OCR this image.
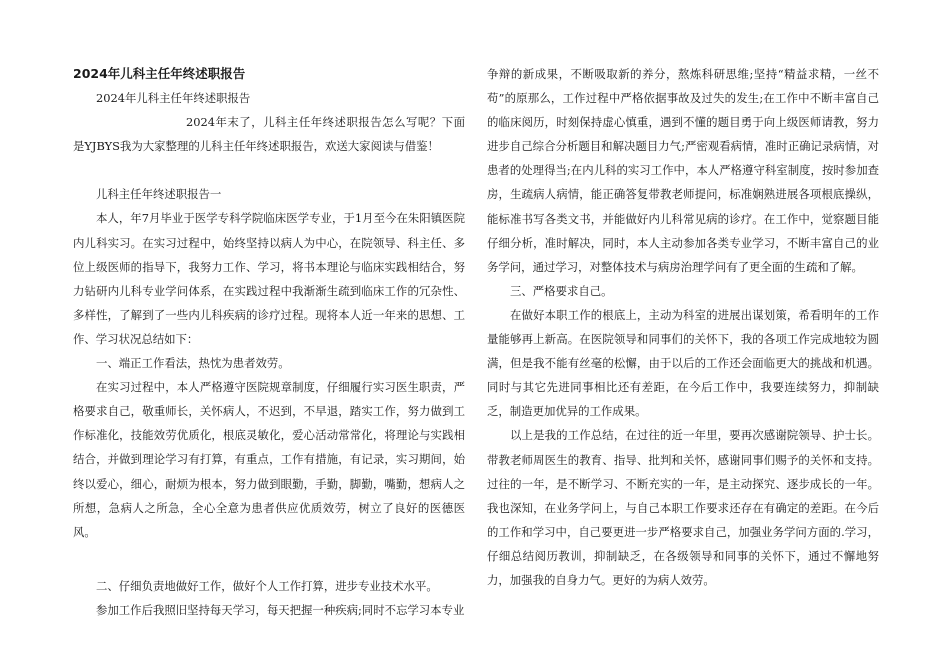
2024年儿科主任年终述职报告

2024年儿科主任年终述职报告

2024年末了，儿科主任年终述职报告怎么写呢？下面是YJBYS我为大家整理的儿科主任年终述职报告，欢送大家阅读与借鉴！

儿科主任年终述职报告一

本人，年7月毕业于医学专科学院临床医学专业，于1月至今在朱阳镇医院内儿科实习。在实习过程中，始终坚持以病人为中心，在院领导、科主任、多位上级医师的指导下，我努力工作、学习，将书本理论与临床实践相结合，努力钻研内儿科专业学问体系，在实践过程中我渐渐生疏到临床工作的冗杂性、多样性，了解到了一些内儿科疾病的诊疗过程。现将本人近一年来的思想、工作、学习状况总结如下：

一、端正工作看法，热忱为患者效劳。

在实习过程中，本人严格遵守医院规章制度，仔细履行实习医生职责，严格要求自己，敬重师长，关怀病人，不迟到，不早退，踏实工作，努力做到工作标准化，技能效劳优质化，根底灵敏化，爱心活动常常化，将理论与实践相结合，并做到理论学习有打算，有重点，工作有措施，有记录，实习期间，始终以爱心，细心，耐烦为根本，努力做到眼勤，手勤，脚勤，嘴勤，想病人之所想，急病人之所急，全心全意为患者供应优质效劳，树立了良好的医德医风。

二、仔细负责地做好工作，做好个人工作打算，进步专业技术水平。

参加工作后我照旧坚持每天学习，每天把握一种疾病;同时不忘学习本专业

争辩的新成果，不断吸取新的养分，熬炼科研思维;坚持“精益求精，一丝不苟”的原那么，工作过程中严格依据事故及过失的发生;在工作中不断丰富自己的临床阅历，时刻保持虚心慎重，遇到不懂的题目勇于向上级医师请教，努力进步自己综合分析题目和解决题目力气;严密观看病情，准时正确记录病情，对患者的处理得当;在内儿科的实习工作中，本人严格遵守科室制度，按时参加查房，生疏病人病情，能正确答复带教老师提问，标准娴熟进展各项根底操纵，能标准书写各类文书，并能做好内儿科常见病的诊疗。在工作中，觉察题目能仔细分析，准时解决，同时，本人主动参加各类专业学习，不断丰富自己的业务学问，通过学习，对整体技术与病房治理学问有了更全面的生疏和了解。

三、严格要求自己。

在做好本职工作的根底上，主动为科室的进展出谋划策，希看明年的工作量能够再上新高。在医院领导和同事们的关怀下，我的各项工作完成地较为圆满，但是我不能有丝毫的松懈，由于以后的工作还会面临更大的挑战和机遇。同时与其它先进同事相比还有差距，在今后工作中，我要连续努力，抑制缺乏，制造更加优异的工作成果。

以上是我的工作总结，在过往的近一年里，要再次感谢院领导、护士长。带教老师周医生的教育、指导、批判和关怀，感谢同事们赐予的关怀和支持。过往的一年，是不断学习、不断充实的一年，是主动探究、逐步成长的一年。我也深知，在业务学问上，与自己本职工作要求还存在有确定的差距。在今后的工作和学习中，自己要更进一步严格要求自己，加强业务学问方面的.学习，仔细总结阅历教训，抑制缺乏，在各级领导和同事的关怀下，通过不懈地努力，加强我的自身力气。更好的为病人效劳。
